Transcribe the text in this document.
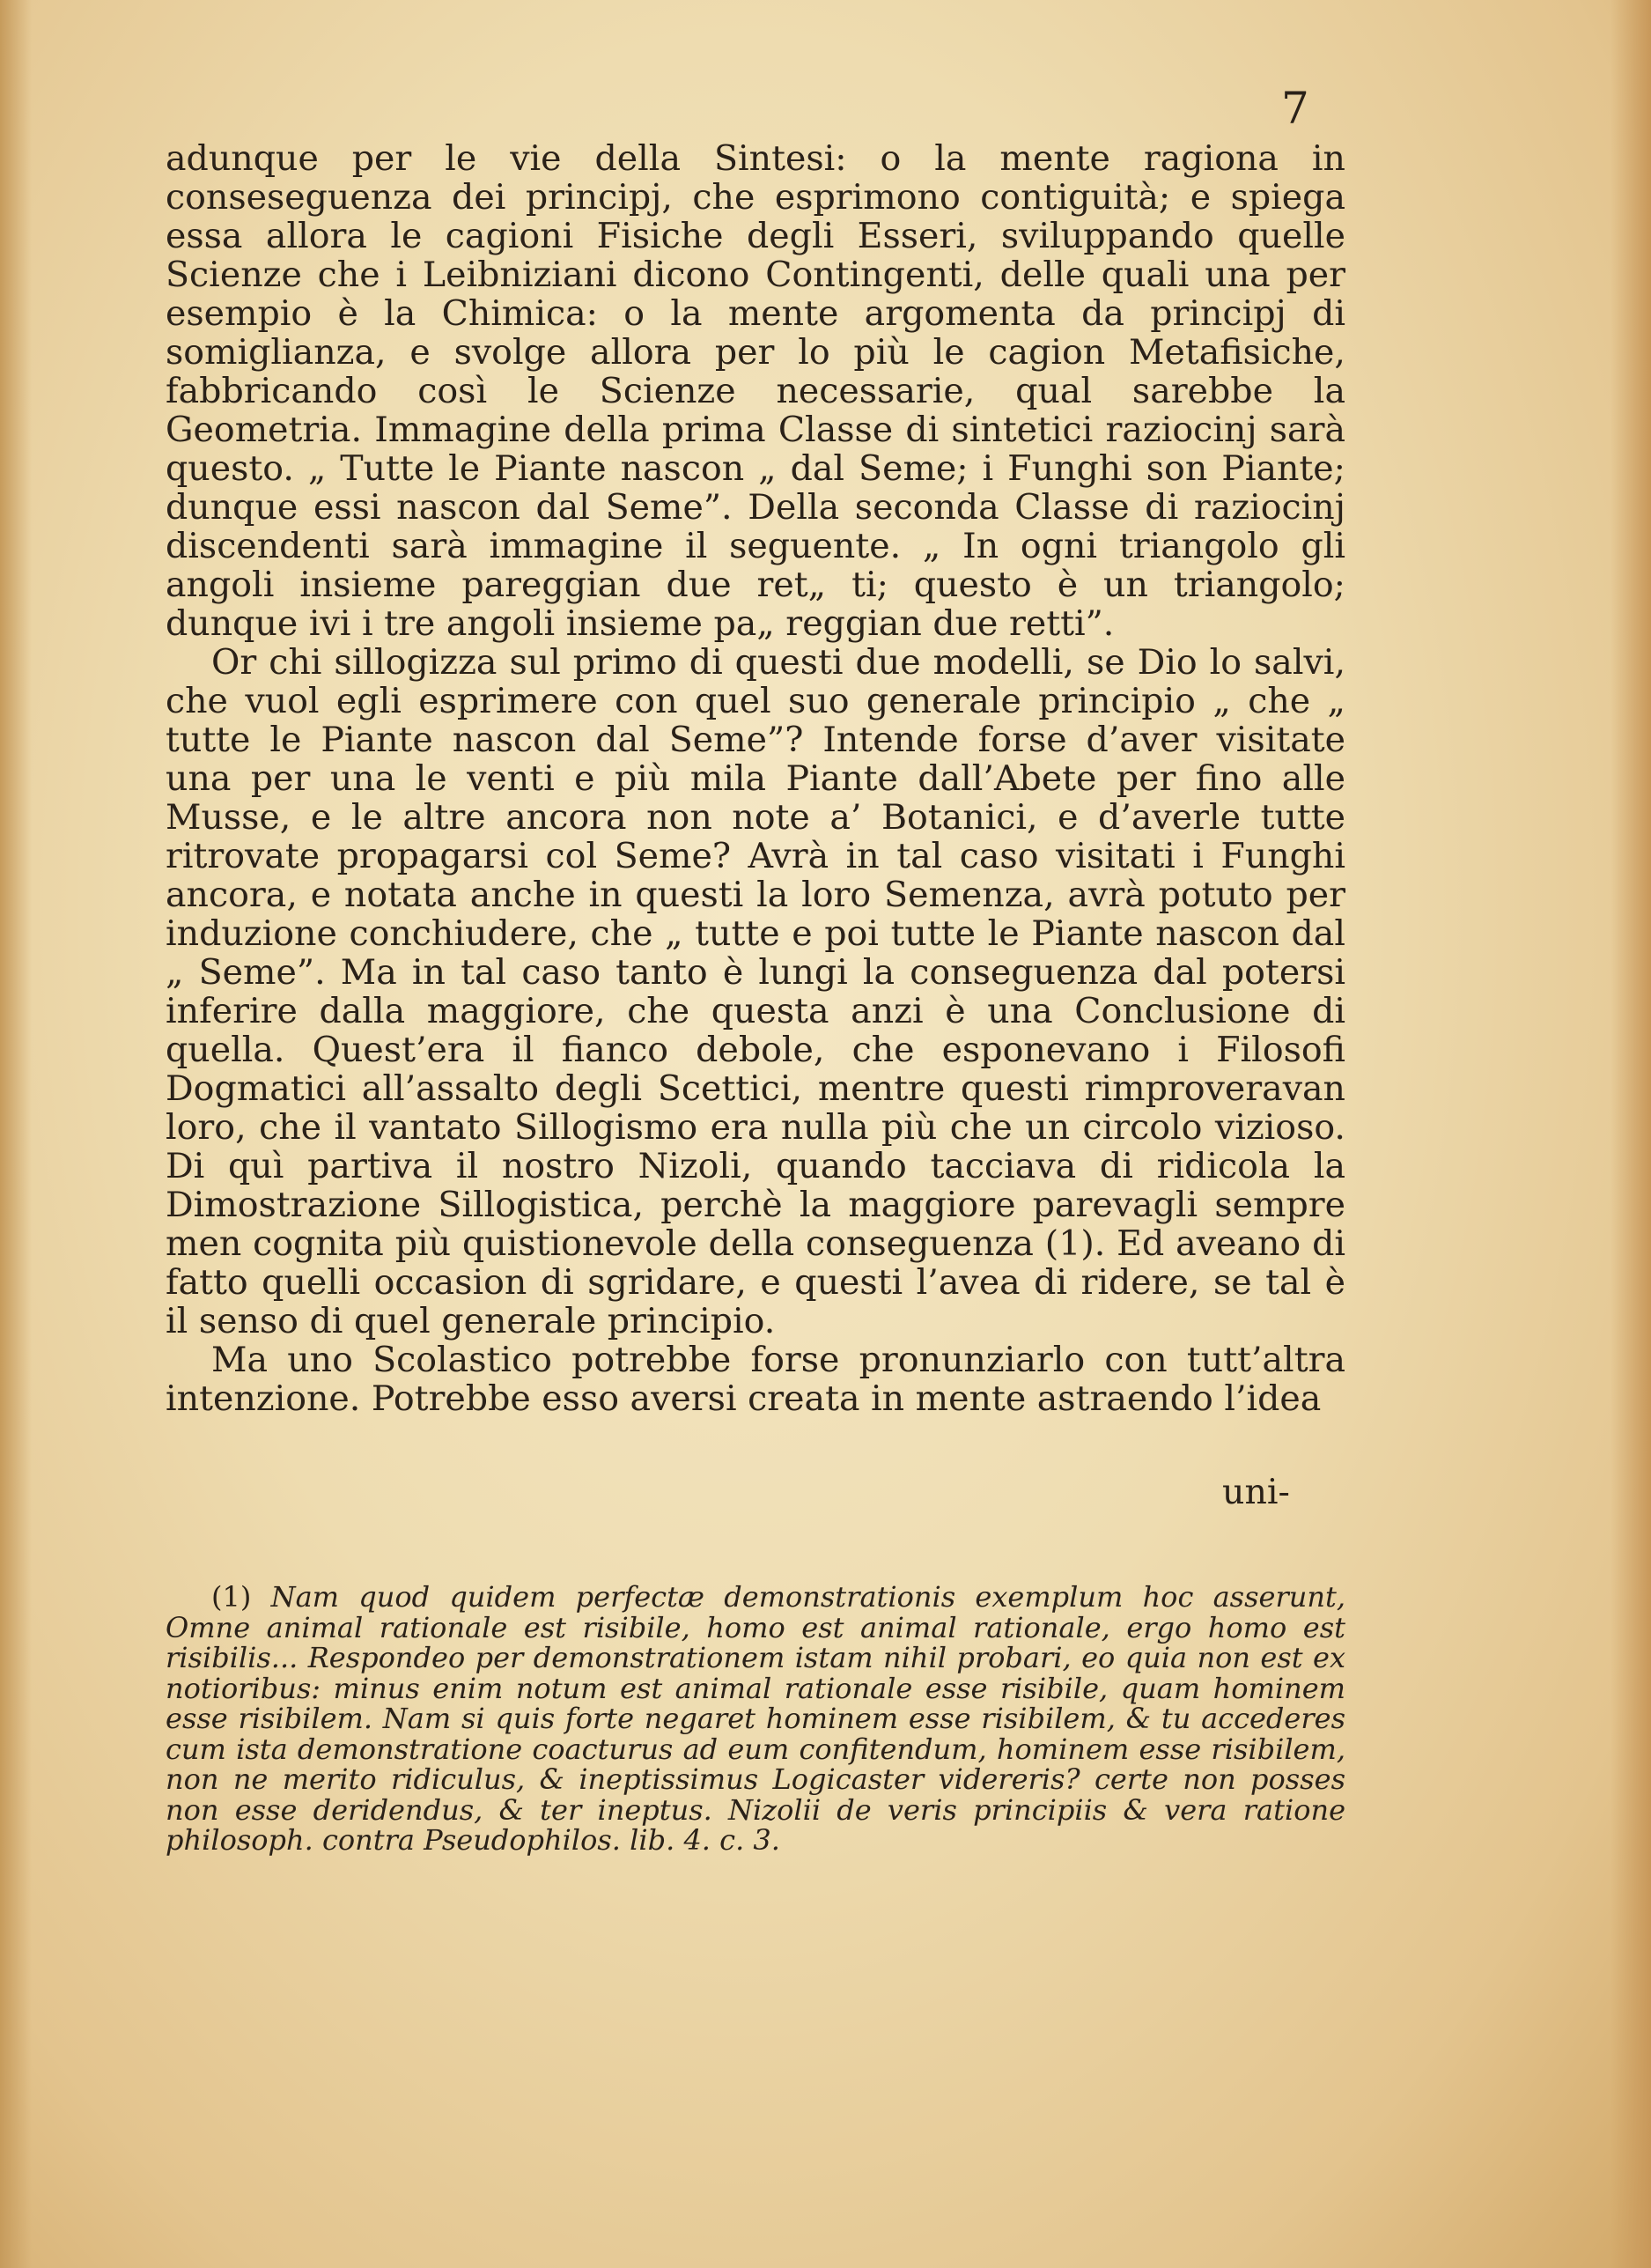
7

adunque per le vie della Sintesi: o la mente ragiona in conseseguenza dei principj, che esprimono contiguità; e spiega essa allora le cagioni Fisiche degli Esseri, sviluppando quelle Scienze che i Leibniziani dicono Contingenti, delle quali una per esempio è la Chimica: o la mente argomenta da principj di somiglianza, e svolge allora per lo più le cagion Metafisiche, fabbricando così le Scienze necessarie, qual sarebbe la Geometria. Immagine della prima Classe di sintetici raziocinj sarà questo. „ Tutte le Piante nascon „ dal Seme; i Funghi son Piante; dunque essi nascon dal Seme”. Della seconda Classe di raziocinj discendenti sarà immagine il seguente. „ In ogni triangolo gli angoli insieme pareggian due ret„ ti; questo è un triangolo; dunque ivi i tre angoli insieme pa„ reggian due retti”.

Or chi sillogizza sul primo di questi due modelli, se Dio lo salvi, che vuol egli esprimere con quel suo generale principio „ che „ tutte le Piante nascon dal Seme”? Intende forse d’aver visitate una per una le venti e più mila Piante dall’Abete per fino alle Musse, e le altre ancora non note a’ Botanici, e d’averle tutte ritrovate propagarsi col Seme? Avrà in tal caso visitati i Funghi ancora, e notata anche in questi la loro Semenza, avrà potuto per induzione conchiudere, che „ tutte e poi tutte le Piante nascon dal „ Seme”. Ma in tal caso tanto è lungi la conseguenza dal potersi inferire dalla maggiore, che questa anzi è una Conclusione di quella. Quest’era il fianco debole, che esponevano i Filosofi Dogmatici all’assalto degli Scettici, mentre questi rimproveravan loro, che il vantato Sillogismo era nulla più che un circolo vizioso. Di quì partiva il nostro Nizoli, quando tacciava di ridicola la Dimostrazione Sillogistica, perchè la maggiore parevagli sempre men cognita più quistionevole della conseguenza (1). Ed aveano di fatto quelli occasion di sgridare, e questi l’avea di ridere, se tal è il senso di quel generale principio.

Ma uno Scolastico potrebbe forse pronunziarlo con tutt’altra intenzione. Potrebbe esso aversi creata in mente astraendo l’idea

uni-

(1) Nam quod quidem perfectæ demonstrationis exemplum hoc asserunt, Omne animal rationale est risibile, homo est animal rationale, ergo homo est risibilis... Respondeo per demonstrationem istam nihil probari, eo quia non est ex notioribus: minus enim notum est animal rationale esse risibile, quam hominem esse risibilem. Nam si quis forte negaret hominem esse risibilem, & tu accederes cum ista demonstratione coacturus ad eum confitendum, hominem esse risibilem, non ne merito ridiculus, & ineptissimus Logicaster videreris? certe non posses non esse deridendus, & ter ineptus. Nizolii de veris principiis & vera ratione philosoph. contra Pseudophilos. lib. 4. c. 3.
